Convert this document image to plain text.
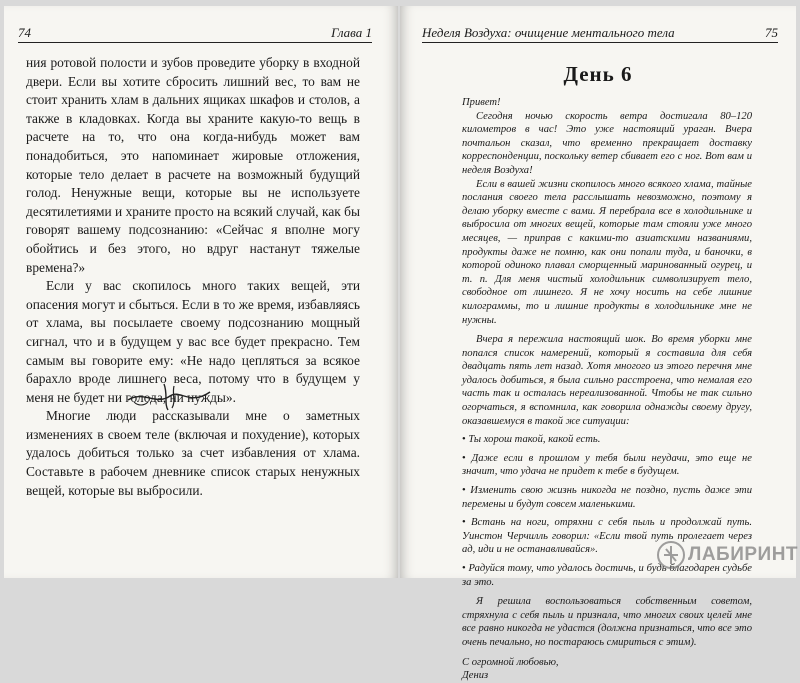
74	Глава 1

ния ротовой полости и зубов проведите уборку в входной двери. Если вы хотите сбросить лишний вес, то вам не стоит хранить хлам в дальних ящиках шкафов и столов, а также в кладовках. Когда вы храните какую-то вещь в расчете на то, что она когда-нибудь может вам понадобиться, это напоминает жировые отложения, которые тело делает в расчете на возможный будущий голод. Ненужные вещи, которые вы не используете десятилетиями и храните просто на всякий случай, как бы говорят вашему подсознанию: «Сейчас я вполне могу обойтись и без этого, но вдруг настанут тяжелые времена?»

Если у вас скопилось много таких вещей, эти опасения могут и сбыться. Если в то же время, избавляясь от хлама, вы посылаете своему подсознанию мощный сигнал, что и в будущем у вас все будет прекрасно. Тем самым вы говорите ему: «Не надо цепляться за всякое барахло вроде лишнего веса, потому что в будущем у меня не будет ни голода, ни нужды».

Многие люди рассказывали мне о заметных изменениях в своем теле (включая и похудение), которых удалось добиться только за счет избавления от хлама. Составьте в рабочем дневнике список старых ненужных вещей, которые вы выбросили.

Неделя Воздуха: очищение ментального тела	75
День 6

Привет!

Сегодня ночью скорость ветра достигала 80–120 километров в час! Это уже настоящий ураган. Вчера почтальон сказал, что временно прекращает доставку корреспонденции, поскольку ветер сбивает его с ног. Вот вам и неделя Воздуха!

Если в вашей жизни скопилось много всякого хлама, тайные послания своего тела расслышать невозможно, поэтому я делаю уборку вместе с вами. Я перебрала все в холодильнике и выбросила от многих вещей, которые там стояли уже много месяцев, — приправ с какими-то азиатскими названиями, продукты даже не помню, как они попали туда, и баночки, в которой одиноко плавал сморщенный маринованный огурец, и т. п. Для меня чистый холодильник символизирует тело, свободное от лишнего. Я не хочу носить на себе лишние килограммы, то и лишние продукты в холодильнике мне не нужны.

Вчера я пережила настоящий шок. Во время уборки мне попался список намерений, который я составила для себя двадцать пять лет назад. Хотя многого из этого перечня мне удалось добиться, я была сильно расстроена, что немалая его часть так и осталась нереализованной. Чтобы не так сильно огорчаться, я вспомнила, как говорила однажды своему другу, оказавшемуся в такой же ситуации:

• Ты хорош такой, какой есть.

• Даже если в прошлом у тебя были неудачи, это еще не значит, что удача не придет к тебе в будущем.

• Изменить свою жизнь никогда не поздно, пусть даже эти перемены и будут совсем маленькими.

• Встань на ноги, отряхни с себя пыль и продолжай путь. Уинстон Черчилль говорил: «Если твой путь пролегает через ад, иди и не останавливайся».

• Радуйся тому, что удалось достичь, и будь благодарен судьбе за это.

Я решила воспользоваться собственным советом, стряхнула с себя пыль и признала, что многих своих целей мне все равно никогда не удастся (должна признаться, что все это очень печально, но постараюсь смириться с этим).

С огромной любовью,

Дениз

ЛАБИРИНТ
